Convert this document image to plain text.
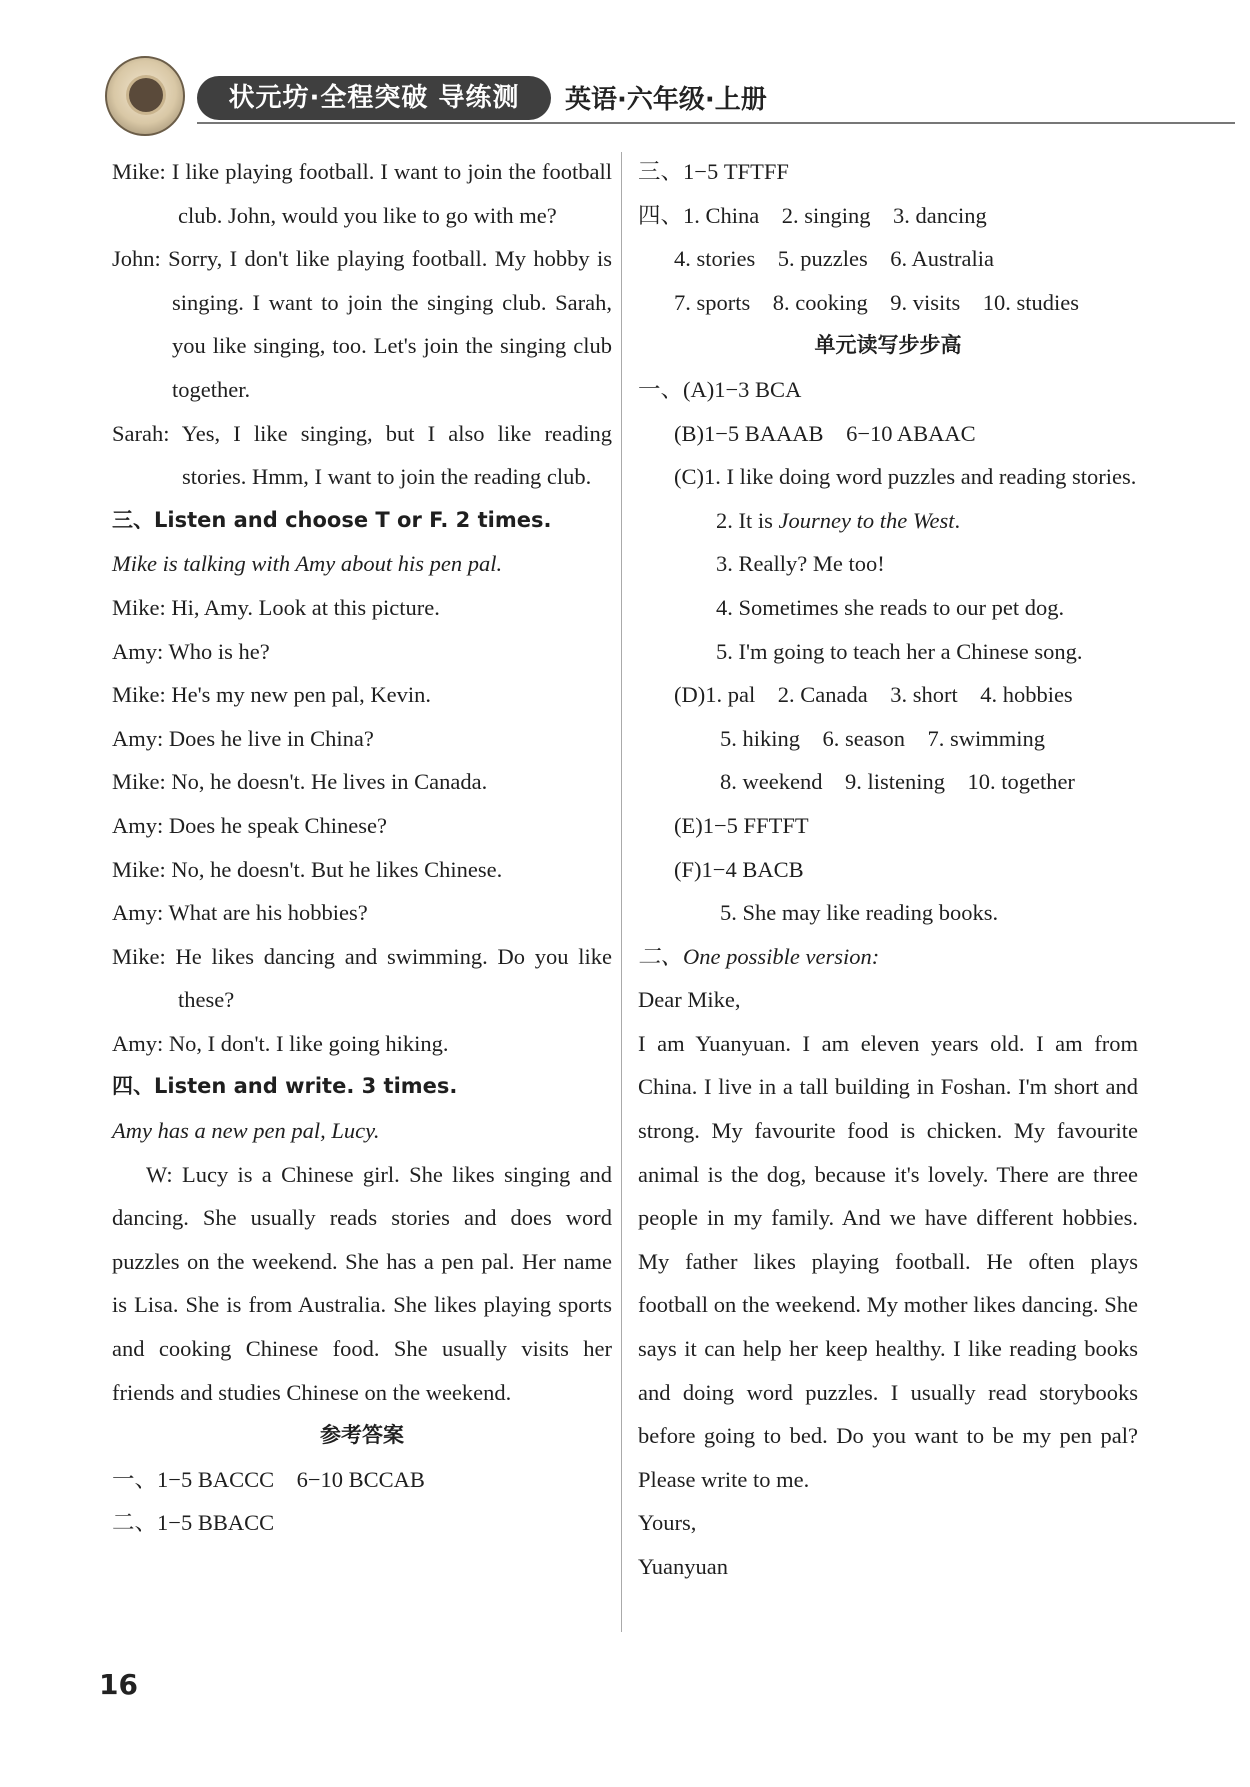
状元坊·全程突破 导练测	英语·六年级·上册

Mike: I like playing football. I want to join the football club. John, would you like to go with me?

John: Sorry, I don't like playing football. My hobby is singing. I want to join the singing club. Sarah, you like singing, too. Let's join the singing club together.

Sarah: Yes, I like singing, but I also like reading stories. Hmm, I want to join the reading club.

三、Listen and choose T or F. 2 times.

Mike is talking with Amy about his pen pal.

Mike: Hi, Amy. Look at this picture.

Amy: Who is he?

Mike: He's my new pen pal, Kevin.

Amy: Does he live in China?

Mike: No, he doesn't. He lives in Canada.

Amy: Does he speak Chinese?

Mike: No, he doesn't. But he likes Chinese.

Amy: What are his hobbies?

Mike: He likes dancing and swimming. Do you like these?

Amy: No, I don't. I like going hiking.

四、Listen and write. 3 times.

Amy has a new pen pal, Lucy.

W: Lucy is a Chinese girl. She likes singing and dancing. She usually reads stories and does word puzzles on the weekend. She has a pen pal. Her name is Lisa. She is from Australia. She likes playing sports and cooking Chinese food. She usually visits her friends and studies Chinese on the weekend.

参考答案

一、1−5 BACCC　6−10 BCCAB

二、1−5 BBACC

三、1−5 TFTFF

四、1. China　2. singing　3. dancing

4. stories　5. puzzles　6. Australia

7. sports　8. cooking　9. visits　10. studies

单元读写步步高

一、(A)1−3 BCA

(B)1−5 BAAAB　6−10 ABAAC

(C)1. I like doing word puzzles and reading stories.

2. It is Journey to the West.

3. Really? Me too!

4. Sometimes she reads to our pet dog.

5. I'm going to teach her a Chinese song.

(D)1. pal　2. Canada　3. short　4. hobbies

5. hiking　6. season　7. swimming

8. weekend　9. listening　10. together

(E)1−5 FFTFT

(F)1−4 BACB

5. She may like reading books.

二、One possible version:

Dear Mike,

I am Yuanyuan. I am eleven years old. I am from China. I live in a tall building in Foshan. I'm short and strong. My favourite food is chicken. My favourite animal is the dog, because it's lovely. There are three people in my family. And we have different hobbies. My father likes playing football. He often plays football on the weekend. My mother likes dancing. She says it can help her keep healthy. I like reading books and doing word puzzles. I usually read storybooks before going to bed. Do you want to be my pen pal? Please write to me.

Yours,

Yuanyuan

16
